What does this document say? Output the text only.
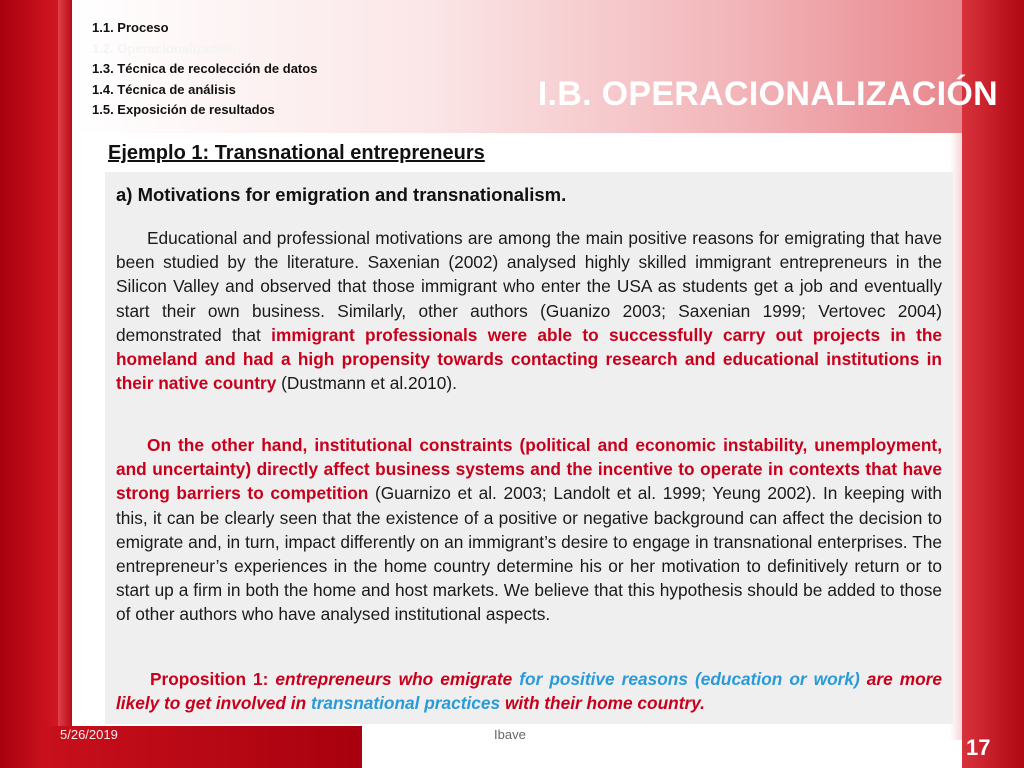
1.1. Proceso
1.2. Operacionalización
1.3. Técnica de recolección de datos
1.4. Técnica de análisis
1.5. Exposición de resultados	I.B. OPERACIONALIZACIÓN
Ejemplo 1: Transnational entrepreneurs
a) Motivations for emigration and transnationalism.

Educational and professional motivations are among the main positive reasons for emigrating that have been studied by the literature. Saxenian (2002) analysed highly skilled immigrant entrepreneurs in the Silicon Valley and observed that those immigrant who enter the USA as students get a job and eventually start their own business. Similarly, other authors (Guanizo 2003; Saxenian 1999; Vertovec 2004) demonstrated that immigrant professionals were able to successfully carry out projects in the homeland and had a high propensity towards contacting research and educational institutions in their native country (Dustmann et al.2010).

On the other hand, institutional constraints (political and economic instability, unemployment, and uncertainty) directly affect business systems and the incentive to operate in contexts that have strong barriers to competition (Guarnizo et al. 2003; Landolt et al. 1999; Yeung 2002). In keeping with this, it can be clearly seen that the existence of a positive or negative background can affect the decision to emigrate and, in turn, impact differently on an immigrant’s desire to engage in transnational enterprises. The entrepreneur’s experiences in the home country determine his or her motivation to definitively return or to start up a firm in both the home and host markets. We believe that this hypothesis should be added to those of other authors who have analysed institutional aspects.

Proposition 1: entrepreneurs who emigrate for positive reasons (education or work) are more likely to get involved in transnational practices with their home country.

5/26/2019	Ibave
17
